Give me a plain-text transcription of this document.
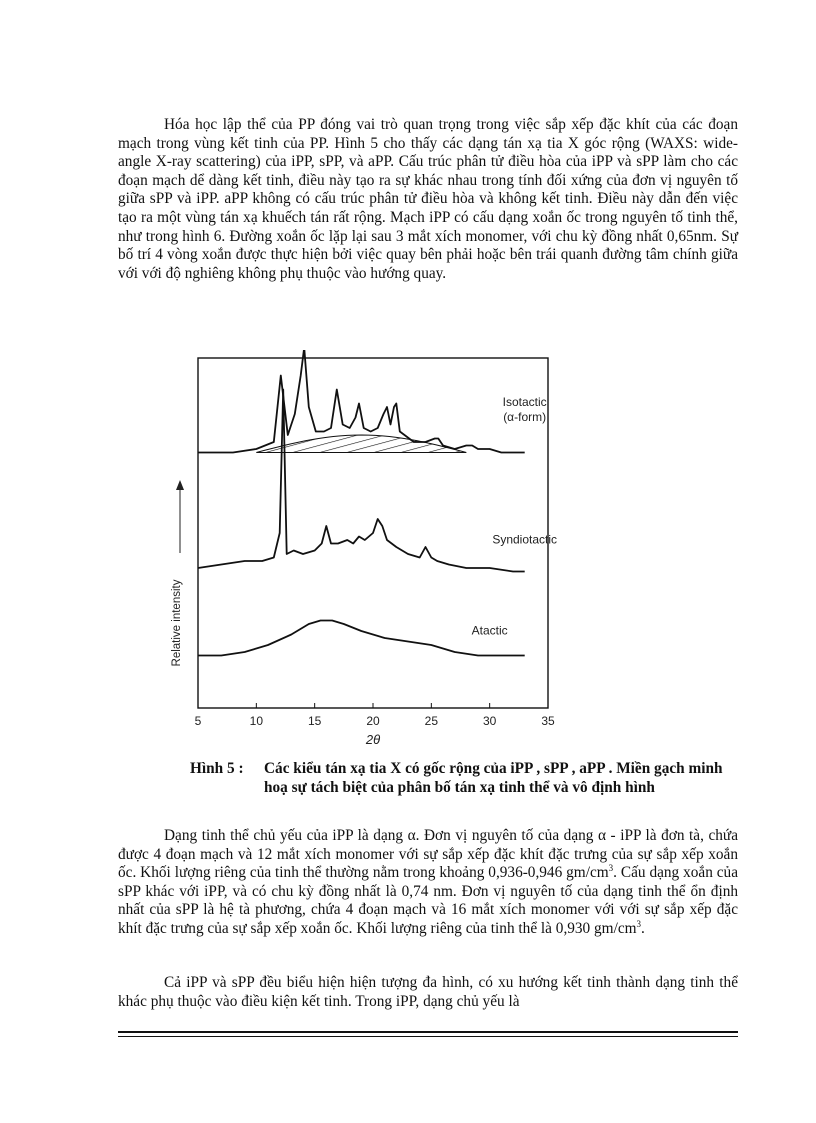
Hóa học lập thể của PP đóng vai trò quan trọng trong việc sắp xếp đặc khít của các đoạn mạch trong vùng kết tinh của PP. Hình 5 cho thấy các dạng tán xạ tia X góc rộng (WAXS: wide-angle X-ray scattering) của iPP, sPP, và aPP. Cấu trúc phân tử điều hòa của iPP và sPP làm cho các đoạn mạch dể dàng kết tinh, điều này tạo ra sự khác nhau trong tính đối xứng của đơn vị nguyên tố giữa sPP và iPP. aPP không có cấu trúc phân tử điều hòa và không kết tinh. Điều này dẫn đến việc tạo ra một vùng tán xạ khuếch tán rất rộng. Mạch iPP có cấu dạng xoắn ốc trong nguyên tố tinh thể, như trong hình 6. Đường xoắn ốc lặp lại sau 3 mắt xích monomer, với chu kỳ đồng nhất 0,65nm. Sự bố trí 4 vòng xoắn được thực hiện bởi việc quay bên phải hoặc bên trái quanh đường tâm chính giữa với với độ nghiêng không phụ thuộc vào hướng quay.

5	10	15	20	25	30	35
2θ
Relative intensity
Isotactic
(α-form)
Syndiotactic
Atactic
Hình 5 :	Các kiểu tán xạ tia X có gốc rộng của iPP , sPP , aPP . Miền gạch minh hoạ sự tách biệt của phân bố tán xạ tinh thể và vô định hình

Dạng tinh thể chủ yếu của iPP là dạng α. Đơn vị nguyên tố của dạng α - iPP là đơn tà, chứa được 4 đoạn mạch và 12 mắt xích monomer với sự sắp xếp đặc khít đặc trưng của sự sắp xếp xoắn ốc. Khối lượng riêng của tinh thể thường nằm trong khoảng 0,936-0,946 $gm/cm^3$. Cấu dạng xoắn của sPP khác với iPP, và có chu kỳ đồng nhất là 0,74 nm. Đơn vị nguyên tố của dạng tinh thể ổn định nhất của sPP là hệ tà phương, chứa 4 đoạn mạch và 16 mắt xích monomer với với sự sắp xếp đặc khít đặc trưng của sự sắp xếp xoắn ốc. Khối lượng riêng của tinh thể là 0,930 $gm/cm^3$.

Cả iPP và sPP đều biểu hiện hiện tượng đa hình, có xu hướng kết tinh thành dạng tinh thể khác phụ thuộc vào điều kiện kết tinh. Trong iPP, dạng chủ yếu là
